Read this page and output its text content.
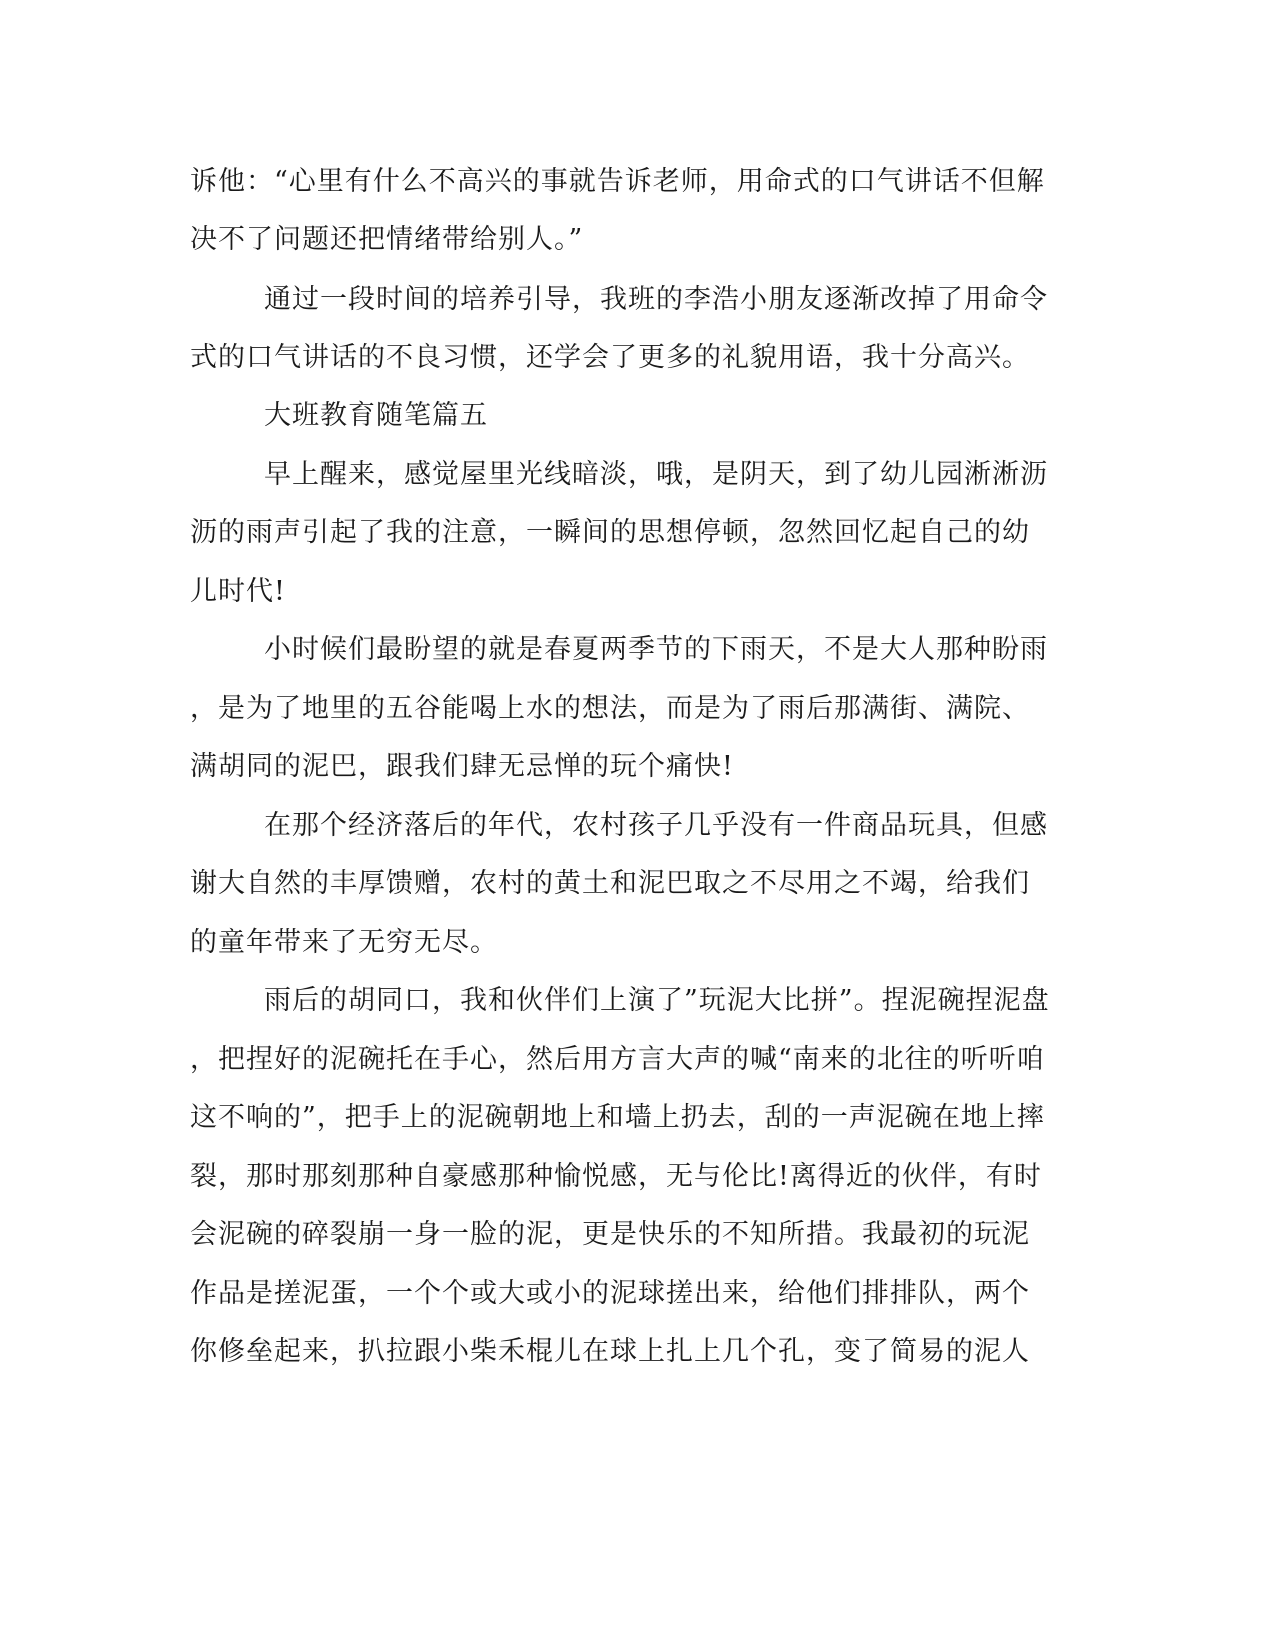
诉他：“心里有什么不高兴的事就告诉老师，用命式的口气讲话不但解
决不了问题还把情绪带给别人。”
通过一段时间的培养引导，我班的李浩小朋友逐渐改掉了用命令
式的口气讲话的不良习惯，还学会了更多的礼貌用语，我十分高兴。
大班教育随笔篇五
早上醒来，感觉屋里光线暗淡，哦，是阴天，到了幼儿园淅淅沥
沥的雨声引起了我的注意，一瞬间的思想停顿，忽然回忆起自己的幼
儿时代!
小时候们最盼望的就是春夏两季节的下雨天，不是大人那种盼雨
，是为了地里的五谷能喝上水的想法，而是为了雨后那满街、满院、
满胡同的泥巴，跟我们肆无忌惮的玩个痛快!
在那个经济落后的年代，农村孩子几乎没有一件商品玩具，但感
谢大自然的丰厚馈赠，农村的黄土和泥巴取之不尽用之不竭，给我们
的童年带来了无穷无尽。
雨后的胡同口，我和伙伴们上演了”玩泥大比拼”。捏泥碗捏泥盘
，把捏好的泥碗托在手心，然后用方言大声的喊“南来的北往的听听咱
这不响的”，把手上的泥碗朝地上和墙上扔去，刮的一声泥碗在地上摔
裂，那时那刻那种自豪感那种愉悦感，无与伦比!离得近的伙伴，有时
会泥碗的碎裂崩一身一脸的泥，更是快乐的不知所措。我最初的玩泥
作品是搓泥蛋，一个个或大或小的泥球搓出来，给他们排排队，两个
你修垒起来，扒拉跟小柴禾棍儿在球上扎上几个孔，变了简易的泥人
